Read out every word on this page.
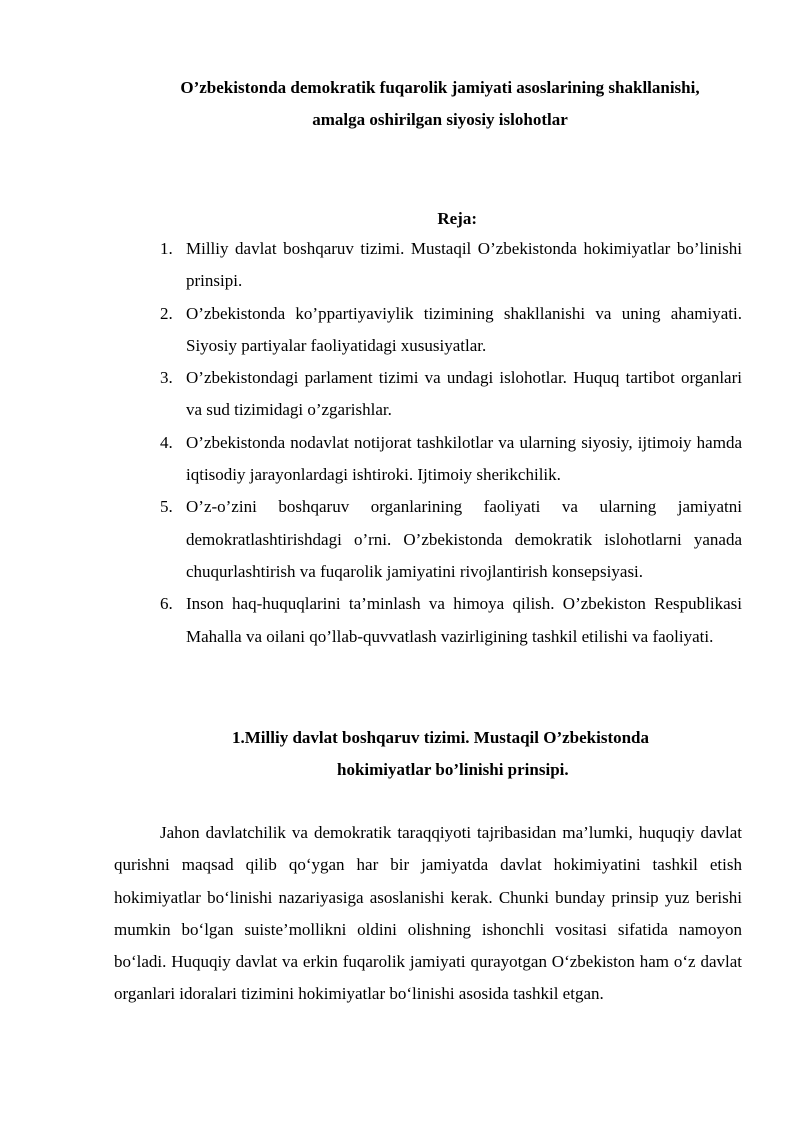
O’zbekistonda demokratik fuqarolik jamiyati asoslarining shakllanishi,
amalga oshirilgan siyosiy islohotlar
Reja:
1. Milliy davlat boshqaruv tizimi. Mustaqil O’zbekistonda hokimiyatlar bo’linishi prinsipi.
2. O’zbekistonda ko’ppartiyaviylik tizimining shakllanishi va uning ahamiyati. Siyosiy partiyalar faoliyatidagi xususiyatlar.
3. O’zbekistondagi parlament tizimi va undagi islohotlar. Huquq tartibot organlari va sud tizimidagi o’zgarishlar.
4. O’zbekistonda nodavlat notijorat tashkilotlar va ularning siyosiy, ijtimoiy hamda iqtisodiy jarayonlardagi ishtiroki. Ijtimoiy sherikchilik.
5. O’z-o’zini boshqaruv organlarining faoliyati va ularning jamiyatni demokratlashtirishdagi o’rni. O’zbekistonda demokratik islohotlarni yanada chuqurlashtirish va fuqarolik jamiyatini rivojlantirish konsepsiyasi.
6. Inson haq-huquqlarini ta’minlash va himoya qilish. O’zbekiston Respublikasi Mahalla va oilani qo’llab-quvvatlash vazirligining tashkil etilishi va faoliyati.
1.Milliy davlat boshqaruv tizimi. Mustaqil O’zbekistonda
hokimiyatlar bo’linishi prinsipi.

Jahon davlatchilik va demokratik taraqqiyoti tajribasidan ma’lumki, huquqiy davlat qurishni maqsad qilib qo‘ygan har bir jamiyatda davlat hokimiyatini tashkil etish hokimiyatlar bo‘linishi nazariyasiga asoslanishi kerak. Chunki bunday prinsip yuz berishi mumkin bo‘lgan suiste’mollikni oldini olishning ishonchli vositasi sifatida namoyon bo‘ladi. Huquqiy davlat va erkin fuqarolik jamiyati qurayotgan O‘zbekiston ham o‘z davlat organlari idoralari tizimini hokimiyatlar bo‘linishi asosida tashkil etgan.
